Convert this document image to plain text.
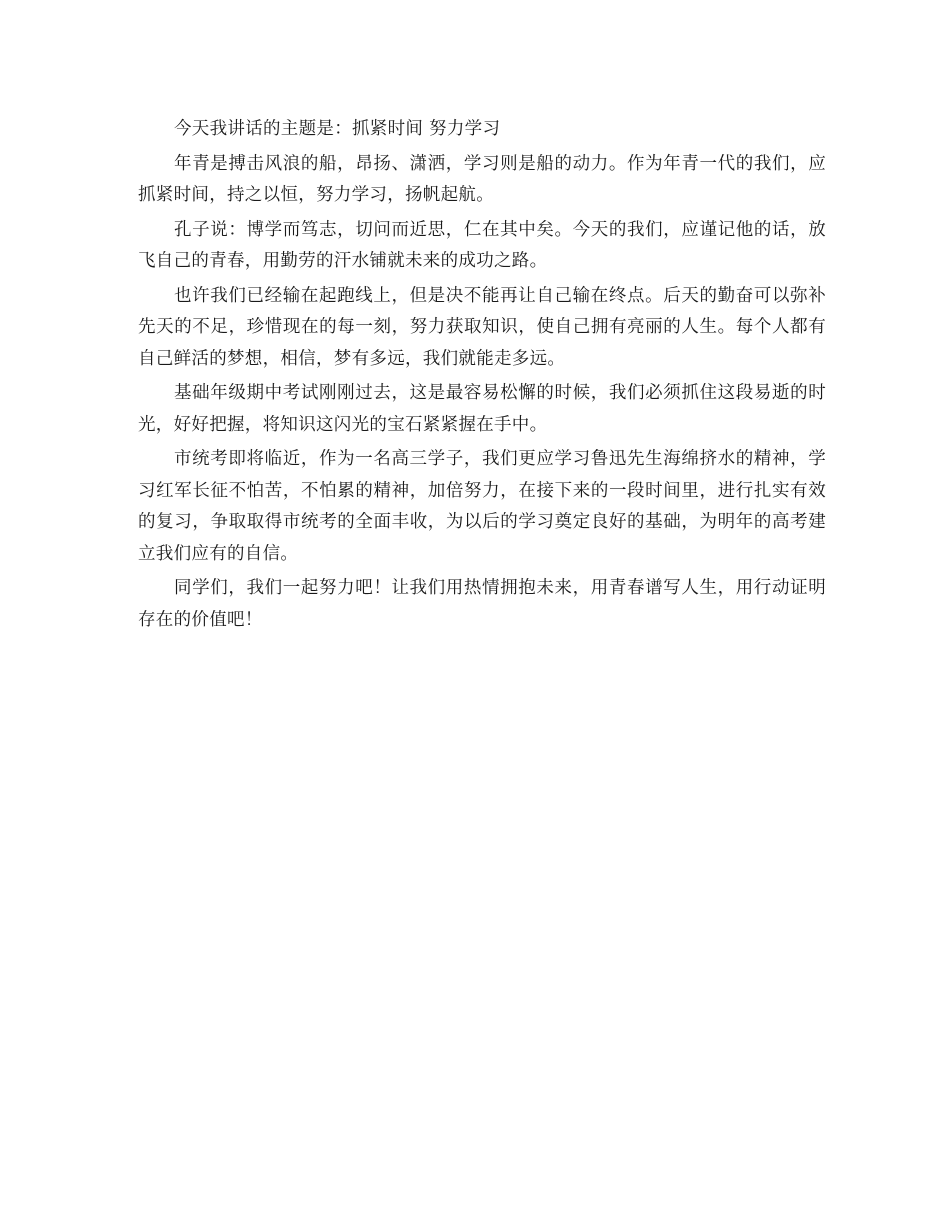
今天我讲话的主题是：抓紧时间 努力学习

年青是搏击风浪的船，昂扬、潇洒，学习则是船的动力。作为年青一代的我们，应抓紧时间，持之以恒，努力学习，扬帆起航。

孔子说：博学而笃志，切问而近思，仁在其中矣。今天的我们，应谨记他的话，放飞自己的青春，用勤劳的汗水铺就未来的成功之路。

也许我们已经输在起跑线上，但是决不能再让自己输在终点。后天的勤奋可以弥补先天的不足，珍惜现在的每一刻，努力获取知识，使自己拥有亮丽的人生。每个人都有自己鲜活的梦想，相信，梦有多远，我们就能走多远。

基础年级期中考试刚刚过去，这是最容易松懈的时候，我们必须抓住这段易逝的时光，好好把握，将知识这闪光的宝石紧紧握在手中。

市统考即将临近，作为一名高三学子，我们更应学习鲁迅先生海绵挤水的精神，学习红军长征不怕苦，不怕累的精神，加倍努力，在接下来的一段时间里，进行扎实有效的复习，争取取得市统考的全面丰收，为以后的学习奠定良好的基础，为明年的高考建立我们应有的自信。

同学们，我们一起努力吧！让我们用热情拥抱未来，用青春谱写人生，用行动证明存在的价值吧！
